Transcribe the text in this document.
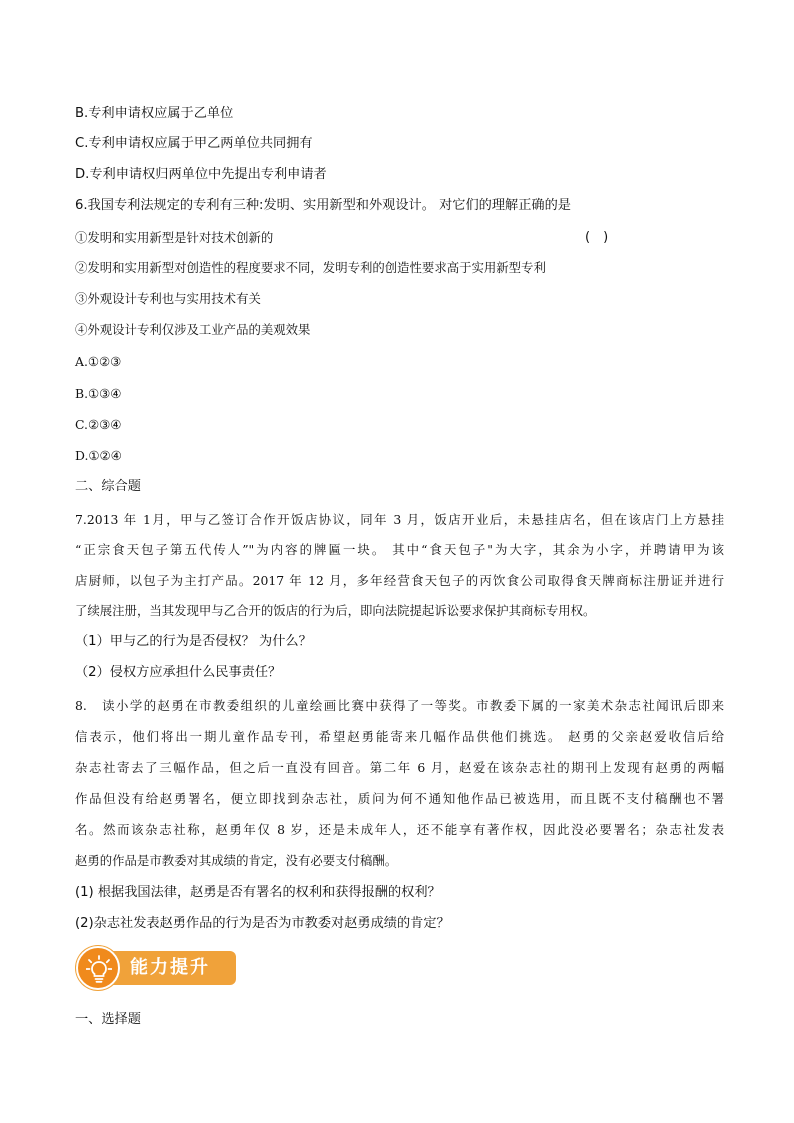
B.专利申请权应属于乙单位
C.专利申请权应属于甲乙两单位共同拥有
D.专利申请权归两单位中先提出专利申请者
6.我国专利法规定的专利有三种:发明、实用新型和外观设计。 对它们的理解正确的是
①发明和实用新型是针对技术创新的	(　)
②发明和实用新型对创造性的程度要求不同，发明专利的创造性要求高于实用新型专利
③外观设计专利也与实用技术有关
④外观设计专利仅涉及工业产品的美观效果
A.①②③
B.①③④
C.②③④
D.①②④
二、综合题
7.2013 年 1月，甲与乙签订合作开饭店协议，同年 3 月，饭店开业后，未悬挂店名，但在该店门上方悬挂
“正宗食天包子第五代传人”"为内容的牌匾一块。 其中“食天包子"为大字，其余为小字，并聘请甲为该
店厨师，以包子为主打产品。2017 年 12 月，多年经营食天包子的丙饮食公司取得食天牌商标注册证并进行
了续展注册，当其发现甲与乙合开的饭店的行为后，即向法院提起诉讼要求保护其商标专用权。
（1）甲与乙的行为是否侵权？ 为什么？
（2）侵权方应承担什么民事责任？
8.　读小学的赵勇在市教委组织的儿童绘画比赛中获得了一等奖。市教委下属的一家美术杂志社闻讯后即来
信表示，他们将出一期儿童作品专刊，希望赵勇能寄来几幅作品供他们挑选。 赵勇的父亲赵爱收信后给
杂志社寄去了三幅作品，但之后一直没有回音。第二年 6 月，赵爱在该杂志社的期刊上发现有赵勇的两幅
作品但没有给赵勇署名，便立即找到杂志社，质问为何不通知他作品已被选用，而且既不支付稿酬也不署
名。然而该杂志社称，赵勇年仅 8 岁，还是未成年人，还不能享有著作权，因此没必要署名；杂志社发表
赵勇的作品是市教委对其成绩的肯定，没有必要支付稿酬。
(1) 根据我国法律，赵勇是否有署名的权利和获得报酬的权利？
(2)杂志社发表赵勇作品的行为是否为市教委对赵勇成绩的肯定？
能力提升
一、选择题
